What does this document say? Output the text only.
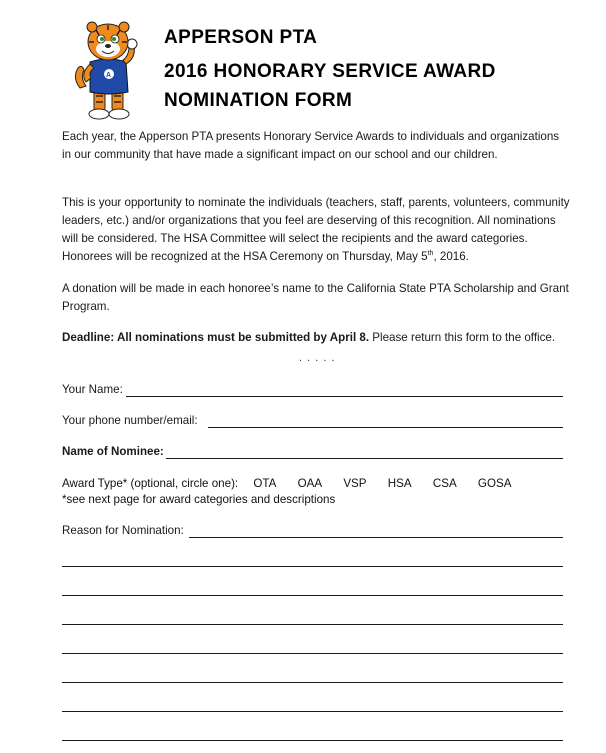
A
APPERSON PTA
2016 HONORARY SERVICE AWARD
NOMINATION FORM
Each year, the Apperson PTA presents Honorary Service Awards to individuals and organizations in our community that have made a significant impact on our school and our children.
This is your opportunity to nominate the individuals (teachers, staff, parents, volunteers, community leaders, etc.) and/or organizations that you feel are deserving of this recognition. All nominations will be considered. The HSA Committee will select the recipients and the award categories. Honorees will be recognized at the HSA Ceremony on Thursday, May 5th, 2016.
A donation will be made in each honoree’s name to the California State PTA Scholarship and Grant Program.
Deadline: All nominations must be submitted by April 8. Please return this form to the office.
. . . . .
Your Name:
Your phone number/email:
Name of Nominee:
Award Type* (optional, circle one): OTA OAA VSP HSA CSA GOSA
*see next page for award categories and descriptions
Reason for Nomination:
